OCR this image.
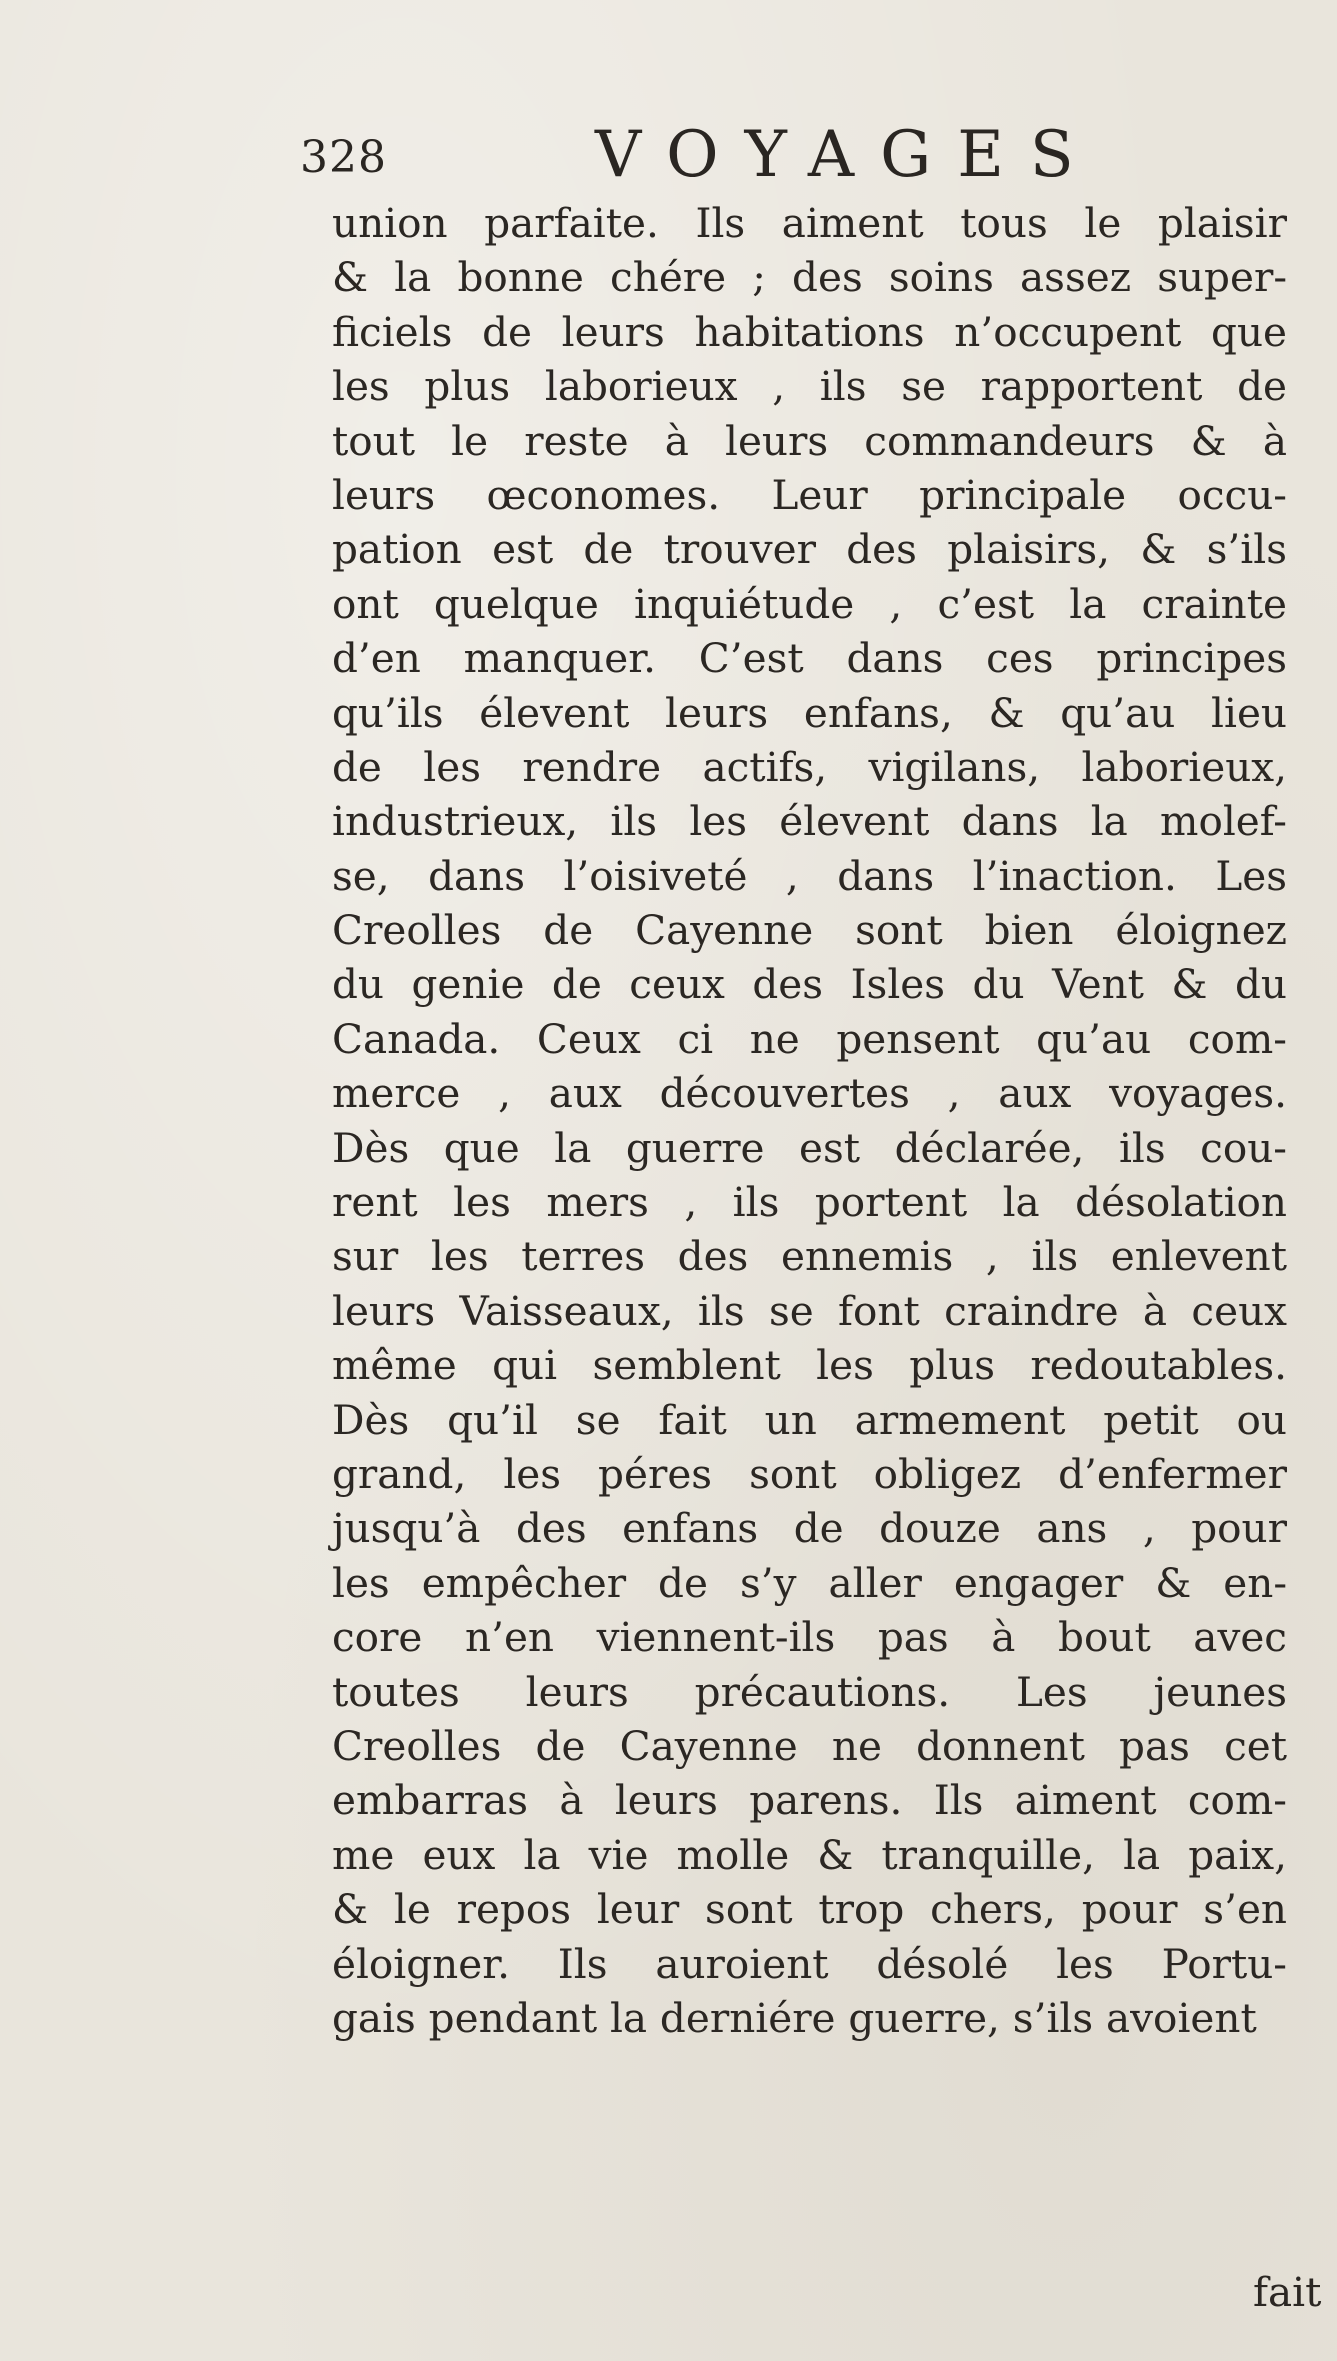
328	VOYAGES
union parfaite. Ils aiment tous le plaisir
& la bonne chére ; des soins assez super-
ficiels de leurs habitations n’occupent que
les plus laborieux , ils se rapportent de
tout le reste à leurs commandeurs & à
leurs œconomes. Leur principale occu-
pation est de trouver des plaisirs, & s’ils
ont quelque inquiétude , c’est la crainte
d’en manquer. C’est dans ces principes
qu’ils élevent leurs enfans, & qu’au lieu
de les rendre actifs, vigilans, laborieux,
industrieux, ils les élevent dans la molef-
se, dans l’oisiveté , dans l’inaction. Les
Creolles de Cayenne sont bien éloignez
du genie de ceux des Isles du Vent & du
Canada. Ceux ci ne pensent qu’au com-
merce , aux découvertes , aux voyages.
Dès que la guerre est déclarée, ils cou-
rent les mers , ils portent la désolation
sur les terres des ennemis , ils enlevent
leurs Vaisseaux, ils se font craindre à ceux
même qui semblent les plus redoutables.
Dès qu’il se fait un armement petit ou
grand, les péres sont obligez d’enfermer
jusqu’à des enfans de douze ans , pour
les empêcher de s’y aller engager & en-
core n’en viennent-ils pas à bout avec
toutes leurs précautions. Les jeunes
Creolles de Cayenne ne donnent pas cet
embarras à leurs parens. Ils aiment com-
me eux la vie molle & tranquille, la paix,
& le repos leur sont trop chers, pour s’en
éloigner. Ils auroient désolé les Portu-
gais pendant la derniére guerre, s’ils avoient
fait
